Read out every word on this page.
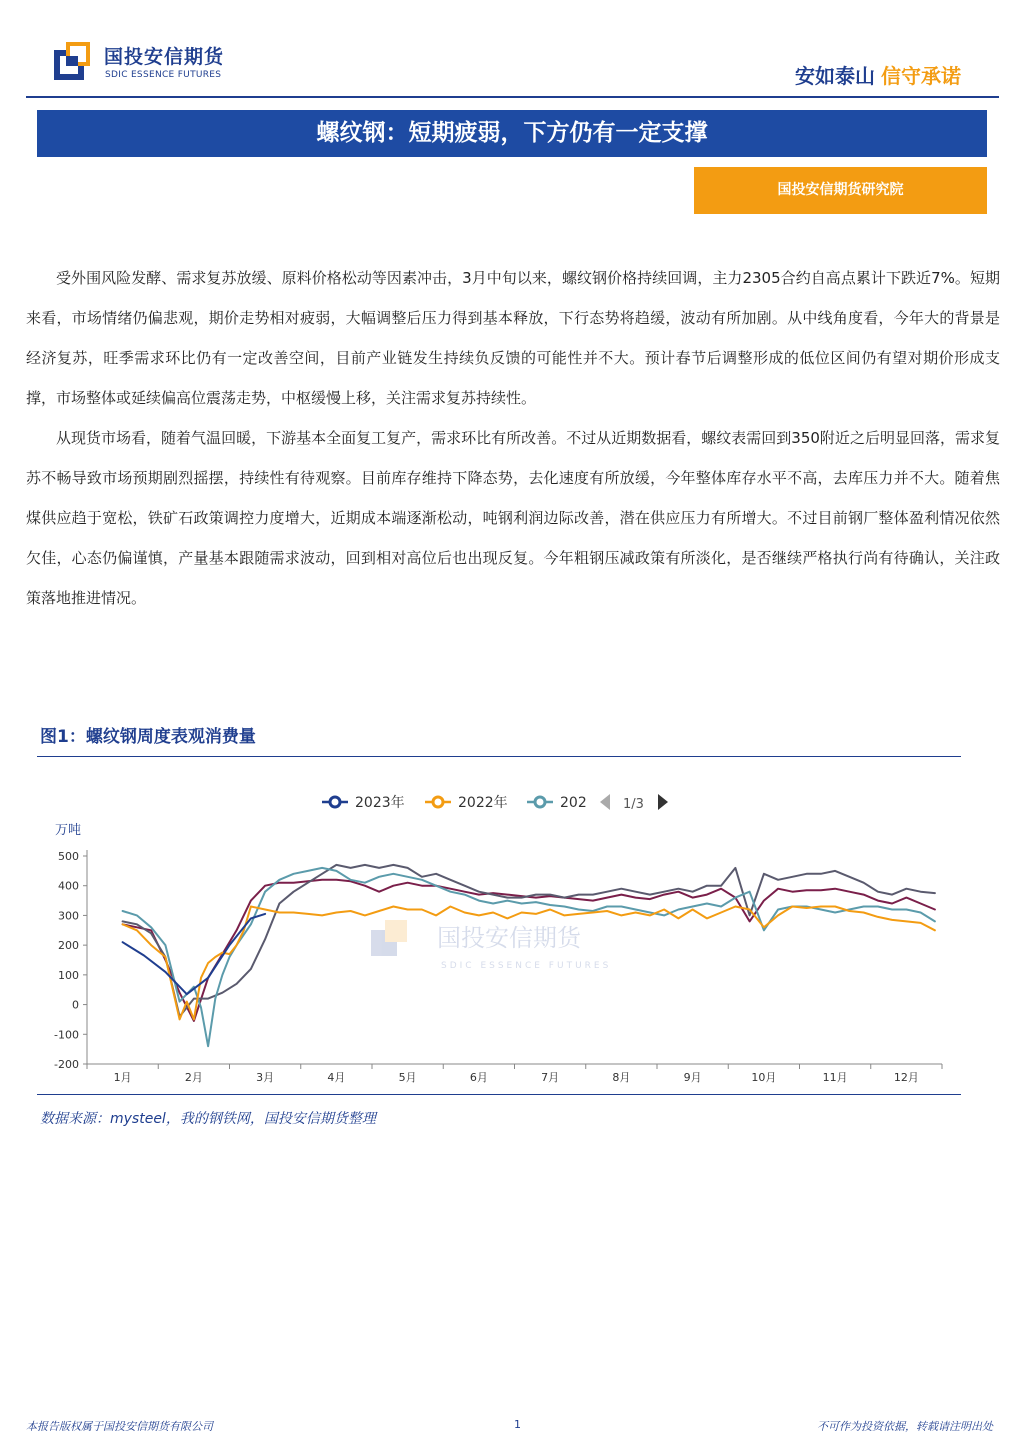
国投安信期货
SDIC ESSENCE FUTURES	安如泰山 信守承诺
螺纹钢：短期疲弱，下方仍有一定支撑
国投安信期货研究院

受外围风险发酵、需求复苏放缓、原料价格松动等因素冲击，3月中旬以来，螺纹钢价格持续回调，主力2305合约自高点累计下跌近7%。短期来看，市场情绪仍偏悲观，期价走势相对疲弱，大幅调整后压力得到基本释放，下行态势将趋缓，波动有所加剧。从中线角度看，今年大的背景是经济复苏，旺季需求环比仍有一定改善空间，目前产业链发生持续负反馈的可能性并不大。预计春节后调整形成的低位区间仍有望对期价形成支撑，市场整体或延续偏高位震荡走势，中枢缓慢上移，关注需求复苏持续性。

从现货市场看，随着气温回暖，下游基本全面复工复产，需求环比有所改善。不过从近期数据看，螺纹表需回到350附近之后明显回落，需求复苏不畅导致市场预期剧烈摇摆，持续性有待观察。目前库存维持下降态势，去化速度有所放缓，今年整体库存水平不高，去库压力并不大。随着焦煤供应趋于宽松，铁矿石政策调控力度增大，近期成本端逐渐松动，吨钢利润边际改善，潜在供应压力有所增大。不过目前钢厂整体盈利情况依然欠佳，心态仍偏谨慎，产量基本跟随需求波动，回到相对高位后也出现反复。今年粗钢压减政策有所淡化，是否继续严格执行尚有待确认，关注政策落地推进情况。

图1：螺纹钢周度表观消费量
国投安信期货
SDIC ESSENCE FUTURES
2023年	2022年	202	1/3
万吨
-200
-100
0
100
200
300
400
500
1月	2月	3月	4月	5月	6月	7月	8月	9月	10月	11月	12月
数据来源：mysteel，我的钢铁网，国投安信期货整理
本报告版权属于国投安信期货有限公司	1	不可作为投资依据，转载请注明出处
